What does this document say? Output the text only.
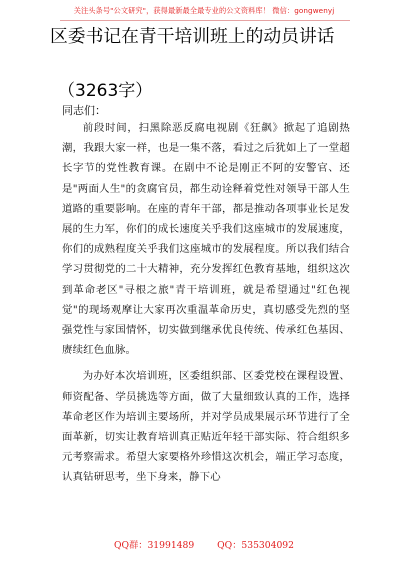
关注头条号"公文研究"，获得最新最全最专业的公文资料库！ 微信：gongwenyj
区委书记在青干培训班上的动员讲话
（3263字）
同志们：

前段时间，扫黑除恶反腐电视剧《狂飙》掀起了追剧热潮，我跟大家一样，也是一集不落，看过之后犹如上了一堂超长字节的党性教育课。在剧中不论是刚正不阿的安警官、还是"两面人生"的贪腐官员，都生动诠释着党性对领导干部人生道路的重要影响。在座的青年干部，都是推动各项事业长足发展的生力军，你们的成长速度关乎我们这座城市的发展速度，你们的成熟程度关乎我们这座城市的发展程度。所以我们结合学习贯彻党的二十大精神，充分发挥红色教育基地，组织这次到革命老区"寻根之旅"青干培训班，就是希望通过"红色视觉"的现场观摩让大家再次重温革命历史，真切感受先烈的坚强党性与家国情怀，切实做到继承优良传统、传承红色基因、赓续红色血脉。

为办好本次培训班，区委组织部、区委党校在课程设置、师资配备、学员挑选等方面，做了大量细致认真的工作，选择革命老区作为培训主要场所，并对学员成果展示环节进行了全面革新，切实让教育培训真正贴近年轻干部实际、符合组织多元考察需求。希望大家要格外珍惜这次机会，端正学习态度，认真钻研思考，坐下身来，静下心

QQ群：31991489 QQ：535304092
